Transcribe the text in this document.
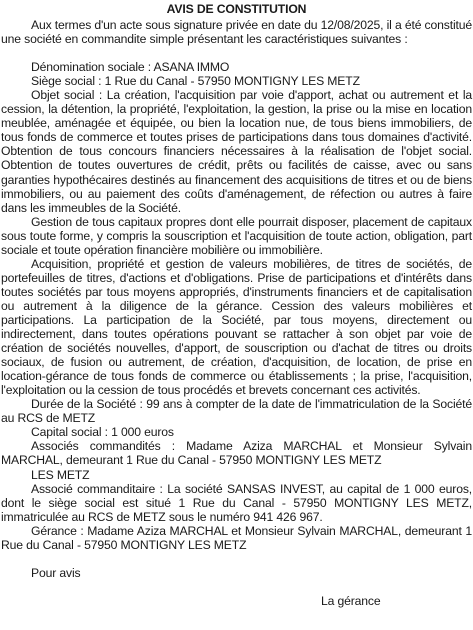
AVIS DE CONSTITUTION

Aux termes d'un acte sous signature privée en date du 12/08/2025, il a été constitué une société en commandite simple présentant les caractéristiques suivantes :

Dénomination sociale : ASANA IMMO

Siège social : 1 Rue du Canal - 57950 MONTIGNY LES METZ

Objet social : La création, l'acquisition par voie d'apport, achat ou autrement et la cession, la détention, la propriété, l'exploitation, la gestion, la prise ou la mise en location meublée, aménagée et équipée, ou bien la location nue, de tous biens immobiliers, de tous fonds de commerce et toutes prises de participations dans tous domaines d'activité. Obtention de tous concours financiers nécessaires à la réalisation de l'objet social. Obtention de toutes ouvertures de crédit, prêts ou facilités de caisse, avec ou sans garanties hypothécaires destinés au financement des acquisitions de titres et ou de biens immobiliers, ou au paiement des coûts d'aménagement, de réfection ou autres à faire dans les immeubles de la Société.

Gestion de tous capitaux propres dont elle pourrait disposer, placement de capitaux sous toute forme, y compris la souscription et l'acquisition de toute action, obligation, part sociale et toute opération financière mobilière ou immobilière.

Acquisition, propriété et gestion de valeurs mobilières, de titres de sociétés, de portefeuilles de titres, d'actions et d'obligations. Prise de participations et d'intérêts dans toutes sociétés par tous moyens appropriés, d'instruments financiers et de capitalisation ou autrement à la diligence de la gérance. Cession des valeurs mobilières et participations. La participation de la Société, par tous moyens, directement ou indirectement, dans toutes opérations pouvant se rattacher à son objet par voie de création de sociétés nouvelles, d'apport, de souscription ou d'achat de titres ou droits sociaux, de fusion ou autrement, de création, d'acquisition, de location, de prise en location-gérance de tous fonds de commerce ou établissements ; la prise, l'acquisition, l'exploitation ou la cession de tous procédés et brevets concernant ces activités.

Durée de la Société : 99 ans à compter de la date de l'immatriculation de la Société au RCS de METZ

Capital social : 1 000 euros

Associés commandités : Madame Aziza MARCHAL et Monsieur Sylvain MARCHAL, demeurant 1 Rue du Canal - 57950 MONTIGNY LES METZ

LES METZ

Associé commanditaire : La société SANSAS INVEST, au capital de 1 000 euros, dont le siège social est situé 1 Rue du Canal - 57950 MONTIGNY LES METZ, immatriculée au RCS de METZ sous le numéro 941 426 967.

Gérance : Madame Aziza MARCHAL et Monsieur Sylvain MARCHAL, demeurant 1 Rue du Canal - 57950 MONTIGNY LES METZ

Pour avis

La gérance
